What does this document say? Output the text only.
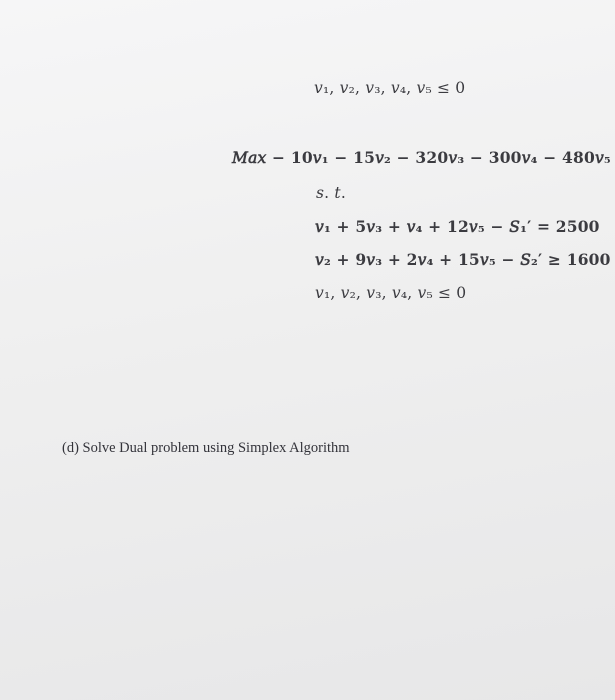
𝑣₁, 𝑣₂, 𝑣₃, 𝑣₄, 𝑣₅ ≤ 0
𝑀𝑎𝑥 − 10𝑣₁ − 15𝑣₂ − 320𝑣₃ − 300𝑣₄ − 480𝑣₅
𝑠. 𝑡.
𝑣₁ + 5𝑣₃ + 𝑣₄ + 12𝑣₅ − 𝑆₁′ = 2500
𝑣₂ + 9𝑣₃ + 2𝑣₄ + 15𝑣₅ − 𝑆₂′ ≥ 1600
𝑣₁, 𝑣₂, 𝑣₃, 𝑣₄, 𝑣₅ ≤ 0
(d) Solve Dual problem using Simplex Algorithm
